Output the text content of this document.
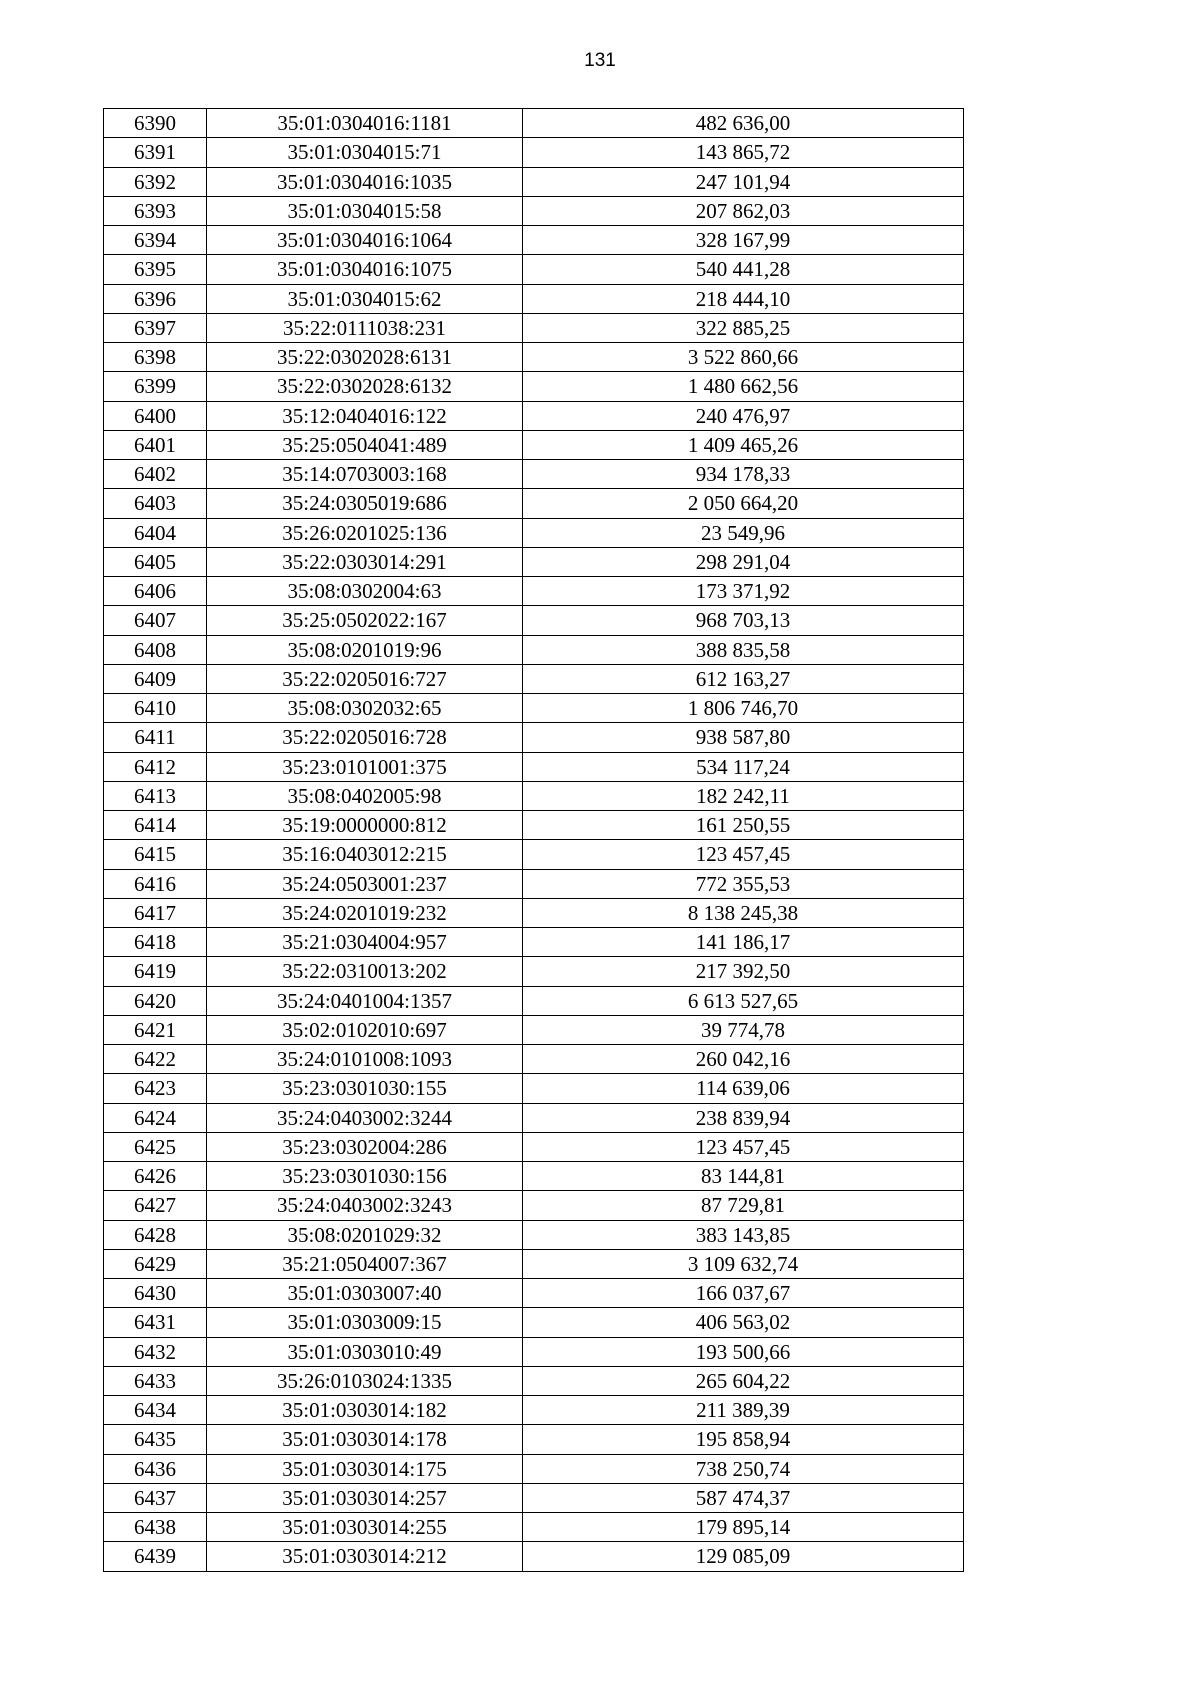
131
6390	35:01:0304016:1181	482 636,00
6391	35:01:0304015:71	143 865,72
6392	35:01:0304016:1035	247 101,94
6393	35:01:0304015:58	207 862,03
6394	35:01:0304016:1064	328 167,99
6395	35:01:0304016:1075	540 441,28
6396	35:01:0304015:62	218 444,10
6397	35:22:0111038:231	322 885,25
6398	35:22:0302028:6131	3 522 860,66
6399	35:22:0302028:6132	1 480 662,56
6400	35:12:0404016:122	240 476,97
6401	35:25:0504041:489	1 409 465,26
6402	35:14:0703003:168	934 178,33
6403	35:24:0305019:686	2 050 664,20
6404	35:26:0201025:136	23 549,96
6405	35:22:0303014:291	298 291,04
6406	35:08:0302004:63	173 371,92
6407	35:25:0502022:167	968 703,13
6408	35:08:0201019:96	388 835,58
6409	35:22:0205016:727	612 163,27
6410	35:08:0302032:65	1 806 746,70
6411	35:22:0205016:728	938 587,80
6412	35:23:0101001:375	534 117,24
6413	35:08:0402005:98	182 242,11
6414	35:19:0000000:812	161 250,55
6415	35:16:0403012:215	123 457,45
6416	35:24:0503001:237	772 355,53
6417	35:24:0201019:232	8 138 245,38
6418	35:21:0304004:957	141 186,17
6419	35:22:0310013:202	217 392,50
6420	35:24:0401004:1357	6 613 527,65
6421	35:02:0102010:697	39 774,78
6422	35:24:0101008:1093	260 042,16
6423	35:23:0301030:155	114 639,06
6424	35:24:0403002:3244	238 839,94
6425	35:23:0302004:286	123 457,45
6426	35:23:0301030:156	83 144,81
6427	35:24:0403002:3243	87 729,81
6428	35:08:0201029:32	383 143,85
6429	35:21:0504007:367	3 109 632,74
6430	35:01:0303007:40	166 037,67
6431	35:01:0303009:15	406 563,02
6432	35:01:0303010:49	193 500,66
6433	35:26:0103024:1335	265 604,22
6434	35:01:0303014:182	211 389,39
6435	35:01:0303014:178	195 858,94
6436	35:01:0303014:175	738 250,74
6437	35:01:0303014:257	587 474,37
6438	35:01:0303014:255	179 895,14
6439	35:01:0303014:212	129 085,09
